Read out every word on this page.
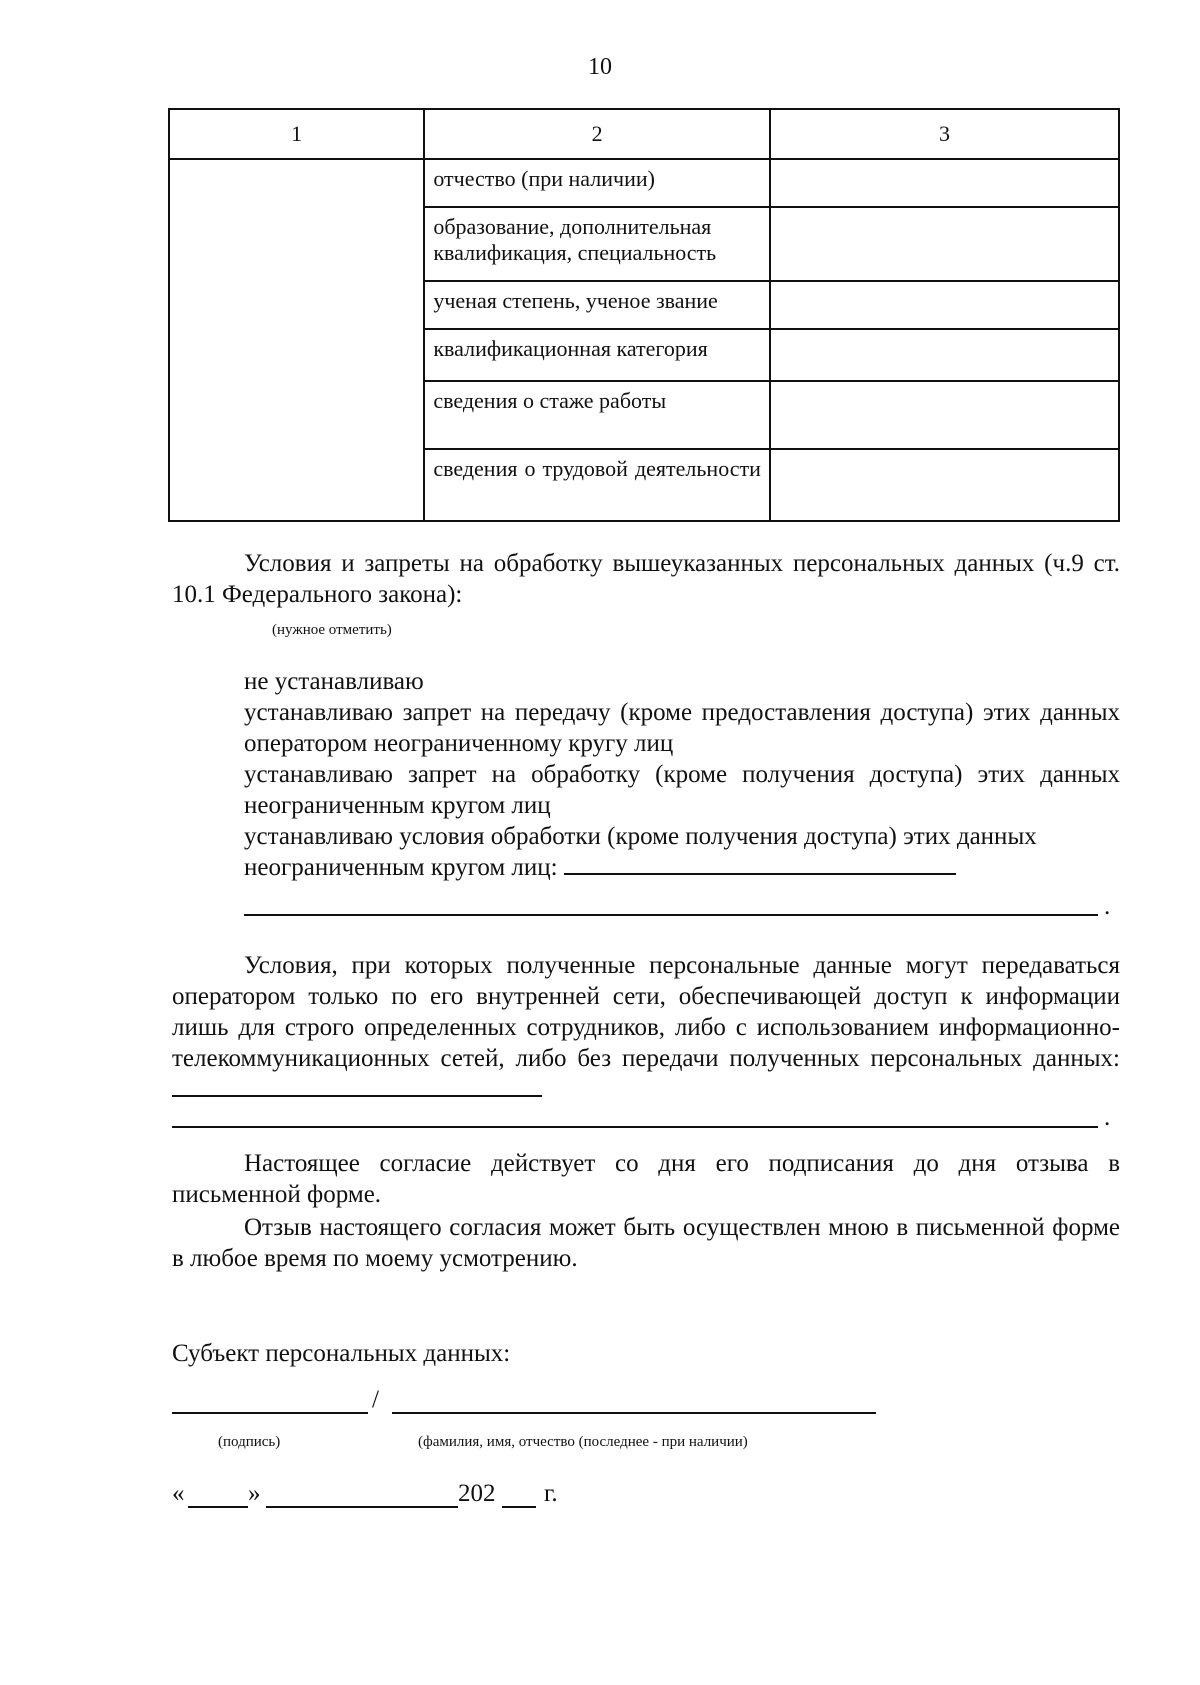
10
1	2	3
	отчество (при наличии)	
	образование, дополнительная квалификация, специальность	
	ученая степень, ученое звание	
	квалификационная категория	
	сведения о стаже работы	
	сведения о трудовой деятельности	

Условия и запреты на обработку вышеуказанных персональных данных (ч.9 ст. 10.1 Федерального закона):

(нужное отметить)

не устанавливаю

устанавливаю запрет на передачу (кроме предоставления доступа) этих данных оператором неограниченному кругу лиц

устанавливаю запрет на обработку (кроме получения доступа) этих данных неограниченным кругом лиц

устанавливаю условия обработки (кроме получения доступа) этих данных неограниченным кругом лиц:

.

Условия, при которых полученные персональные данные могут передаваться оператором только по его внутренней сети, обеспечивающей доступ к информации лишь для строго определенных сотрудников, либо с использованием информационно-телекоммуникационных сетей, либо без передачи полученных персональных данных:

.

Настоящее согласие действует со дня его подписания до дня отзыва в письменной форме.

Отзыв настоящего согласия может быть осуществлен мною в письменной форме в любое время по моему усмотрению.

Субъект персональных данных:
/
(подпись)	(фамилия, имя, отчество (последнее - при наличии)
«	»	202 г.
